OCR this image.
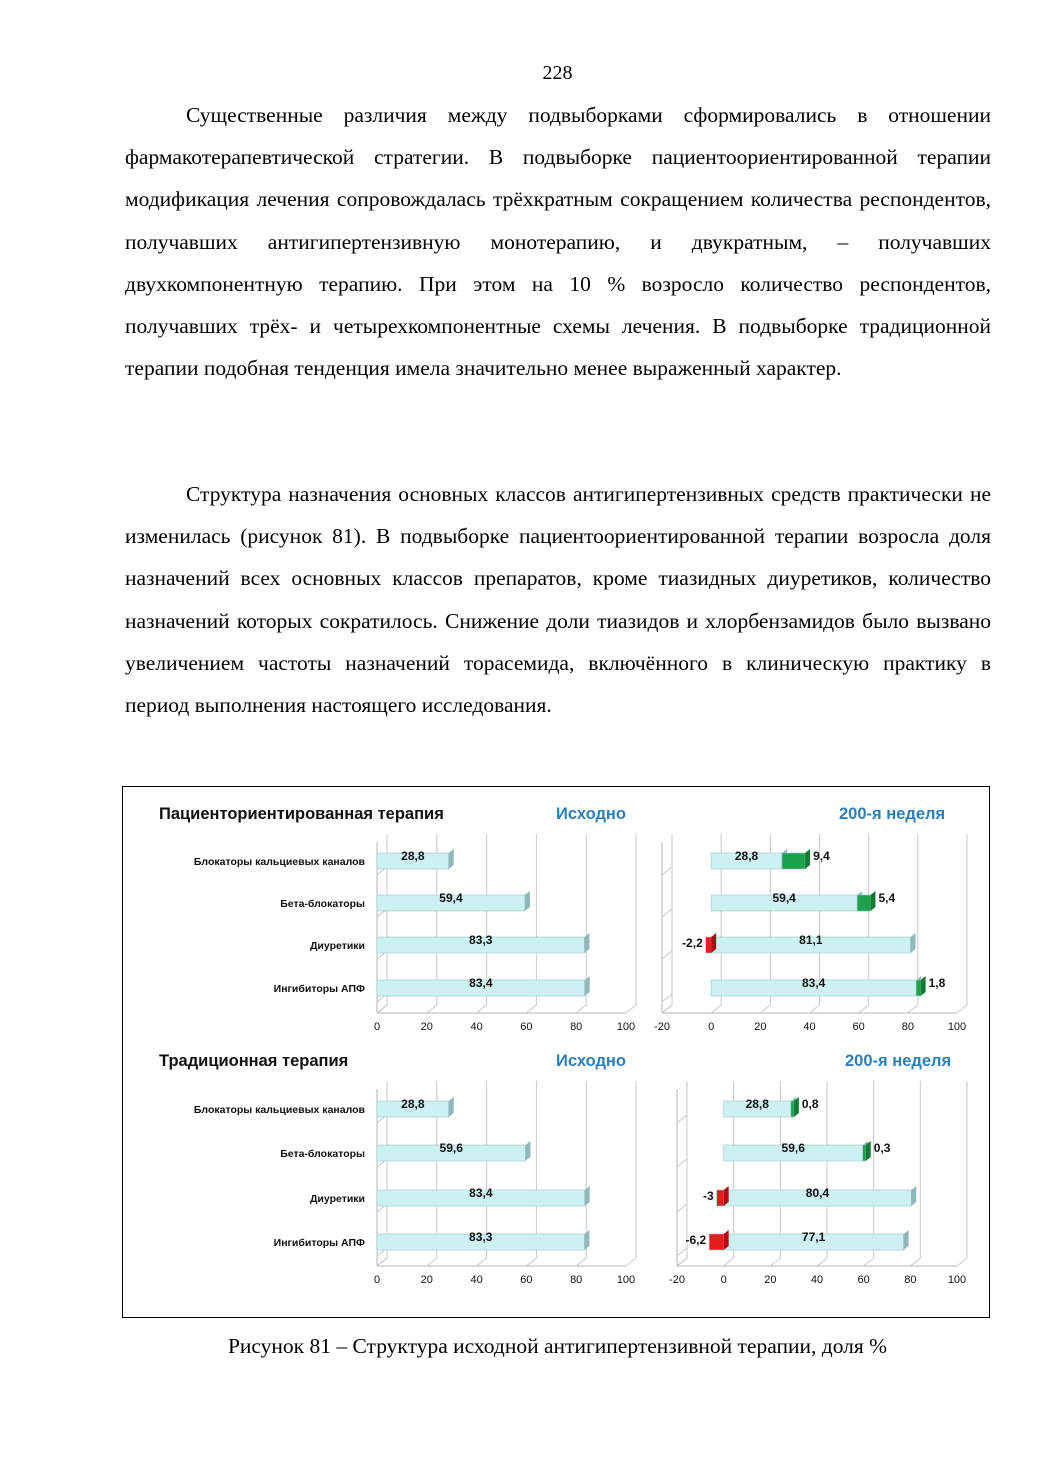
228

Существенные различия между подвыборками сформировались в отношении фармакотерапевтической стратегии. В подвыборке пациентоориентированной терапии модификация лечения сопровождалась трёхкратным сокращением количества респондентов, получавших антигипертензивную монотерапию, и двукратным, – получавших двухкомпонентную терапию. При этом на 10 % возросло количество респондентов, получавших трёх- и четырехкомпонентные схемы лечения. В подвыборке традиционной терапии подобная тенденция имела значительно менее выраженный характер.

Структура назначения основных классов антигипертензивных средств практически не изменилась (рисунок 81). В подвыборке пациентоориентированной терапии возросла доля назначений всех основных классов препаратов, кроме тиазидных диуретиков, количество назначений которых сократилось. Снижение доли тиазидов и хлорбензамидов было вызвано увеличением частоты назначений торасемида, включённого в клиническую практику в период выполнения настоящего исследования.

Пациенториентированная терапия	Исходно
0	20	40	60	80	100
Блокаторы кальциевых каналов
Бета-блокаторы
Диуретики
Ингибиторы АПФ
28,8
59,4
83,3
83,4
200-я неделя
-20	0	20	40	60	80	100
28,8	9,4
59,4	5,4
81,1
-2,2
83,4	1,8
Традиционная терапия	Исходно
0	20	40	60	80	100
Блокаторы кальциевых каналов
Бета-блокаторы
Диуретики
Ингибиторы АПФ
28,8
59,6
83,4
83,3
200-я неделя
-20	0	20	40	60	80	100
28,8	0,8
59,6	0,3
80,4
-3
77,1
-6,2
Рисунок 81 – Структура исходной антигипертензивной терапии, доля %
